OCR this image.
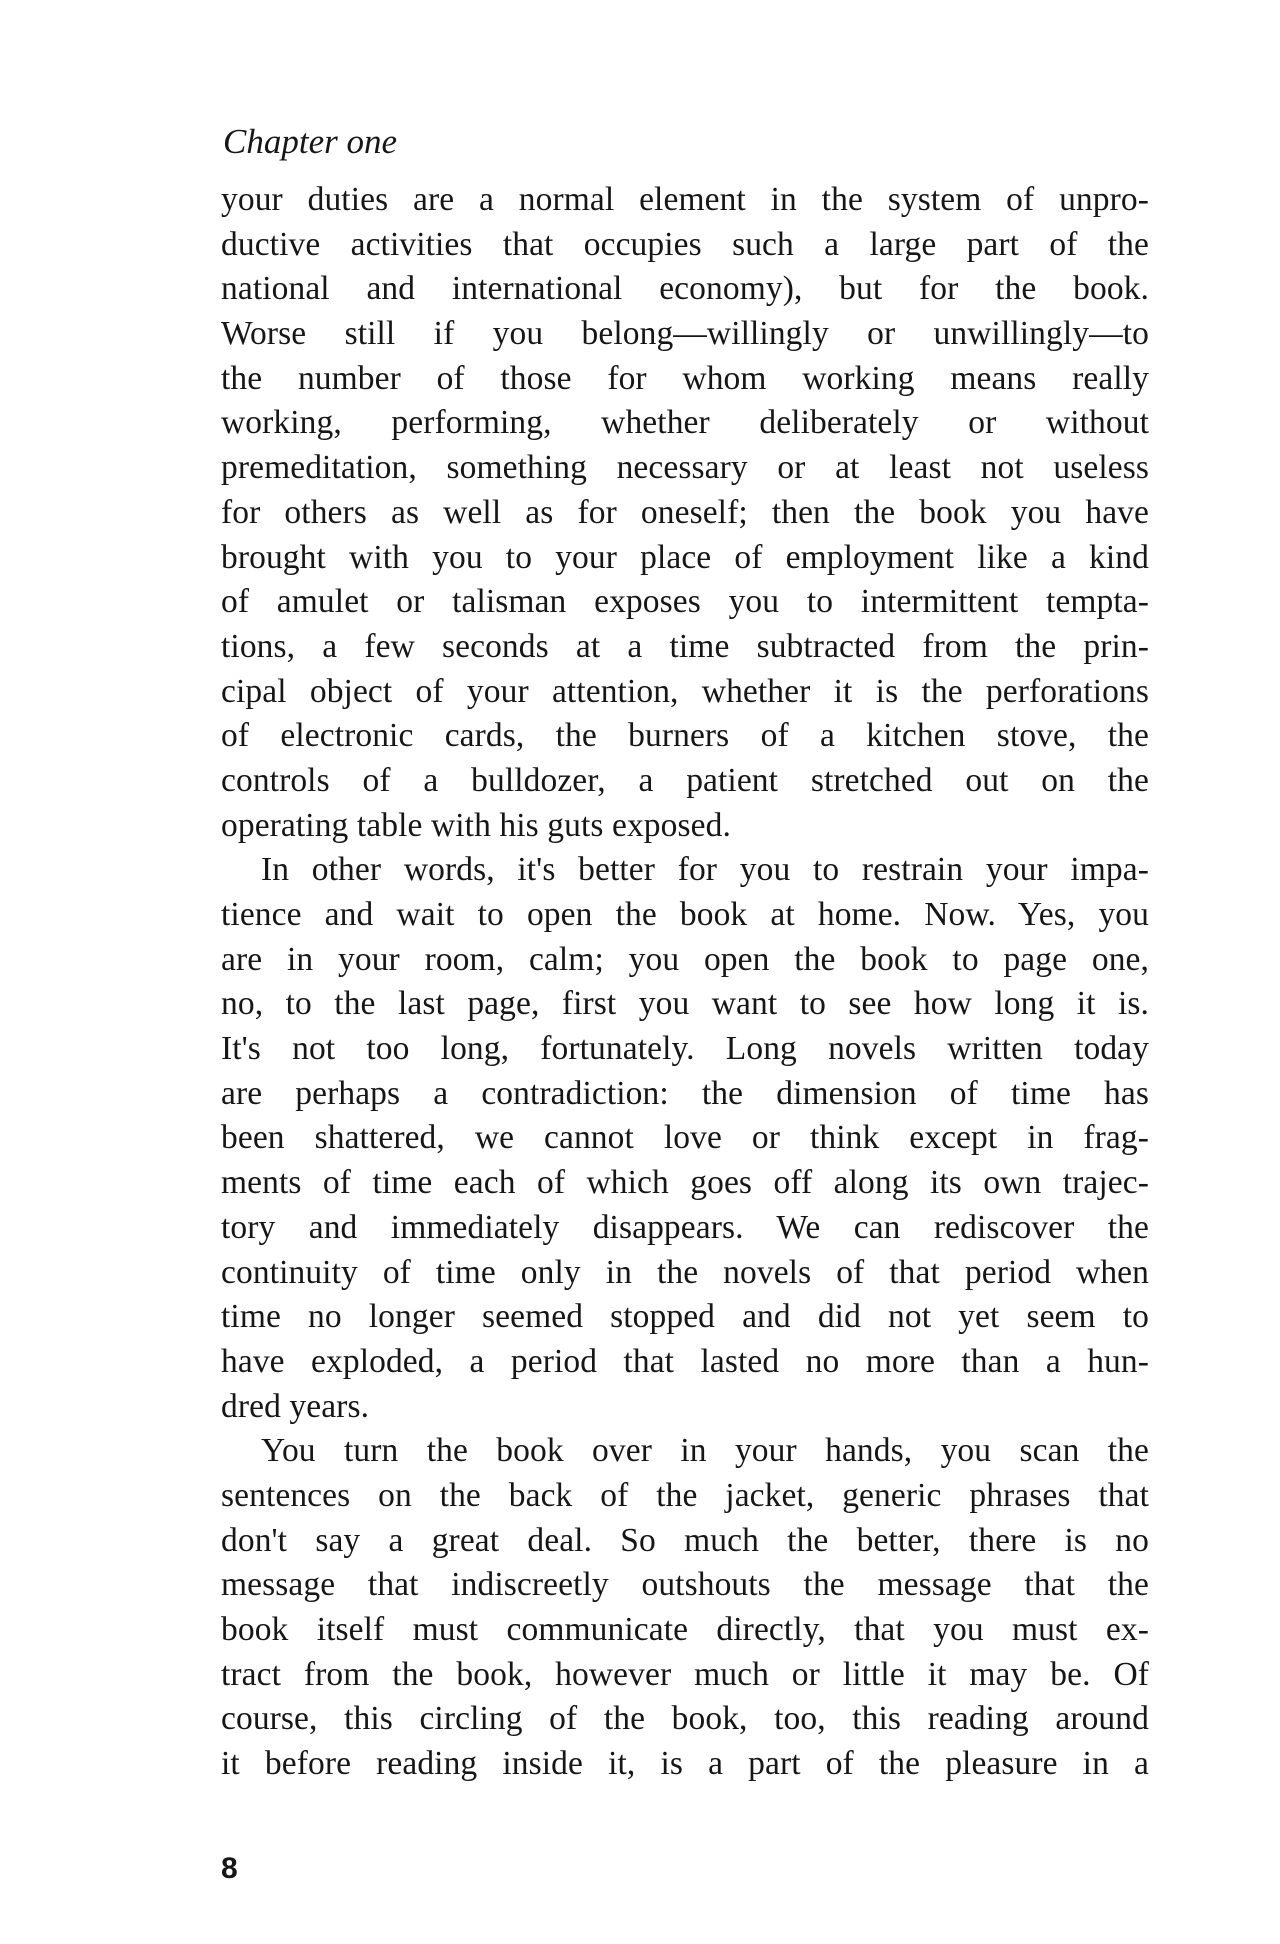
Chapter one
your duties are a normal element in the system of unpro-
ductive activities that occupies such a large part of the
national and international economy), but for the book.
Worse still if you belong—willingly or unwillingly—to
the number of those for whom working means really
working, performing, whether deliberately or without
premeditation, something necessary or at least not useless
for others as well as for oneself; then the book you have
brought with you to your place of employment like a kind
of amulet or talisman exposes you to intermittent tempta-
tions, a few seconds at a time subtracted from the prin-
cipal object of your attention, whether it is the perforations
of electronic cards, the burners of a kitchen stove, the
controls of a bulldozer, a patient stretched out on the
operating table with his guts exposed.
In other words, it's better for you to restrain your impa-
tience and wait to open the book at home. Now. Yes, you
are in your room, calm; you open the book to page one,
no, to the last page, first you want to see how long it is.
It's not too long, fortunately. Long novels written today
are perhaps a contradiction: the dimension of time has
been shattered, we cannot love or think except in frag-
ments of time each of which goes off along its own trajec-
tory and immediately disappears. We can rediscover the
continuity of time only in the novels of that period when
time no longer seemed stopped and did not yet seem to
have exploded, a period that lasted no more than a hun-
dred years.
You turn the book over in your hands, you scan the
sentences on the back of the jacket, generic phrases that
don't say a great deal. So much the better, there is no
message that indiscreetly outshouts the message that the
book itself must communicate directly, that you must ex-
tract from the book, however much or little it may be. Of
course, this circling of the book, too, this reading around
it before reading inside it, is a part of the pleasure in a
8
